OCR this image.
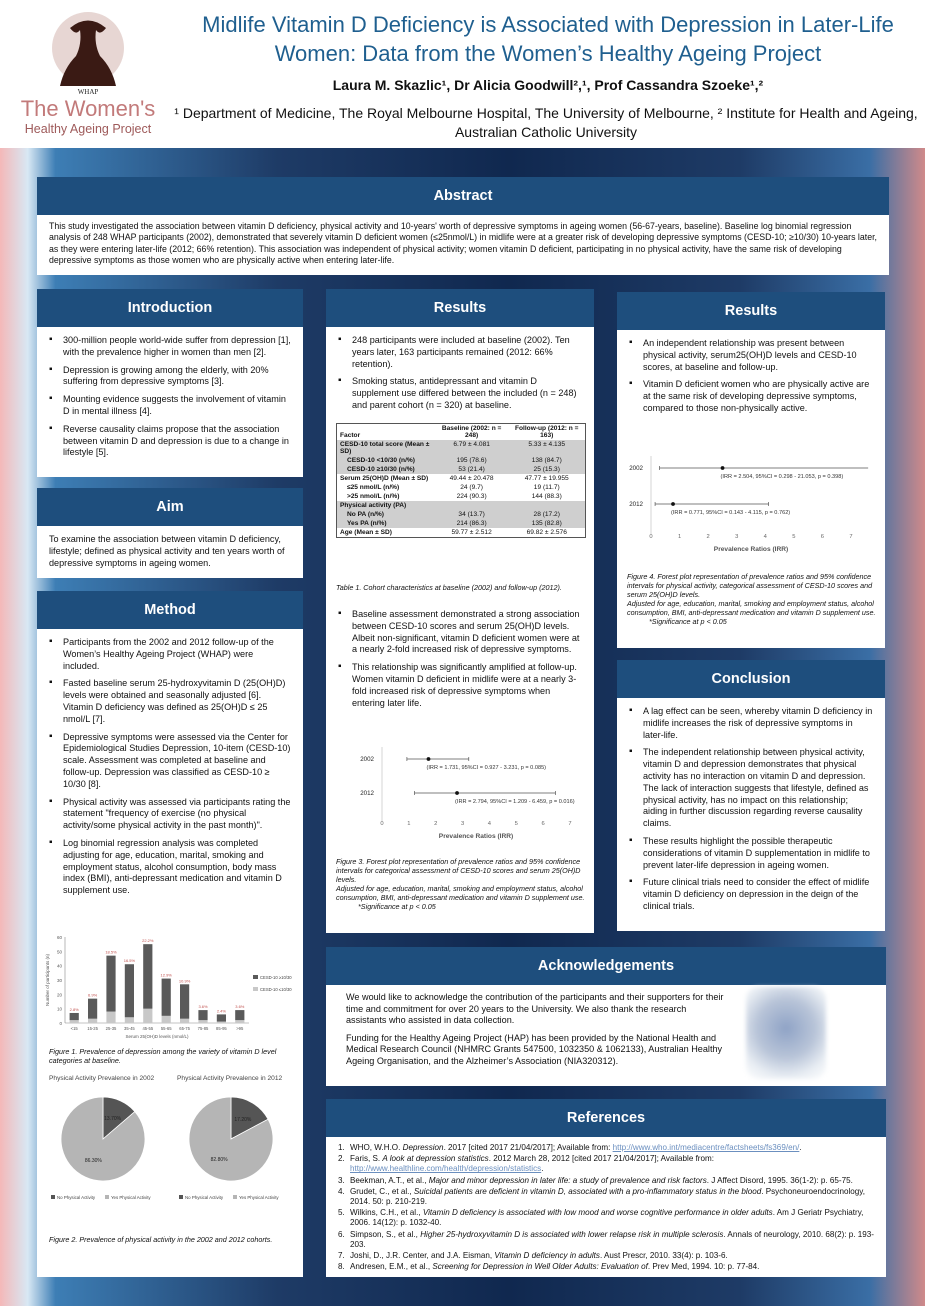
WHAP
The Women's
Healthy Ageing Project
Midlife Vitamin D Deficiency is Associated with Depression in Later-Life Women: Data from the Women’s Healthy Ageing Project
Laura M. Skazlic¹, Dr Alicia Goodwill²,¹, Prof Cassandra Szoeke¹,²
¹ Department of Medicine, The Royal Melbourne Hospital, The University of Melbourne, ² Institute for Health and Ageing, Australian Catholic University
Abstract
This study investigated the association between vitamin D deficiency, physical activity and 10-years' worth of depressive symptoms in ageing women (56-67-years, baseline). Baseline log binomial regression analysis of 248 WHAP participants (2002), demonstrated that severely vitamin D deficient women (≤25nmol/L) in midlife were at a greater risk of developing depressive symptoms (CESD-10; ≥10/30) 10-years later, as they were entering later-life (2012; 66% retention). This association was independent of physical activity; women vitamin D deficient, participating in no physical activity, have the same risk of developing depressive symptoms as those women who are physically active when entering later-life.
Introduction
▪ 300-million people world-wide suffer from depression [1], with the prevalence higher in women than men [2].
▪ Depression is growing among the elderly, with 20% suffering from depressive symptoms [3].
▪ Mounting evidence suggests the involvement of vitamin D in mental illness [4].
▪ Reverse causality claims propose that the association between vitamin D and depression is due to a change in lifestyle [5].
Aim
To examine the association between vitamin D deficiency, lifestyle; defined as physical activity and ten years worth of depressive symptoms in ageing women.
Method
▪ Participants from the 2002 and 2012 follow-up of the Women’s Healthy Ageing Project (WHAP) were included.
▪ Fasted baseline serum 25-hydroxyvitamin D (25(OH)D) levels were obtained and seasonally adjusted [6]. Vitamin D deficiency was defined as 25(OH)D ≤ 25 nmol/L [7].
▪ Depressive symptoms were assessed via the Center for Epidemiological Studies Depression, 10-item (CESD-10) scale. Assessment was completed at baseline and follow-up. Depression was classified as CESD-10 ≥ 10/30 [8].
▪ Physical activity was assessed via participants rating the statement "frequency of exercise (no physical activity/some physical activity in the past month)".
▪ Log binomial regression analysis was completed adjusting for age, education, marital, smoking and employment status, alcohol consumption, body mass index (BMI), anti-depressant medication and vitamin D supplement use.
0
10
20
30
40
50
60
2.8%
<15
6.9%
15-25
18.5%
25-35
16.5%
35-45
22.2%
45-55
12.9%
55-65
10.9%
65-75
3.6%
75-85
2.4%
85-95
3.6%
>95
Serum 25(OH)D levels (nmol/L)
Number of participants (n)	CESD-10 ≥10/30
CESD-10 ≤10/30
Figure 1. Prevalence of depression among the variety of vitamin D level categories at baseline.
Physical Activity Prevalence in 2002	Physical Activity Prevalence in 2012
13.70%
86.30%
No Physical Activity	Yes Physical Activity
17.20%
82.80%
No Physical Activity	Yes Physical Activity
Figure 2. Prevalence of physical activity in the 2002 and 2012 cohorts.
Results
▪ 248 participants were included at baseline (2002). Ten years later, 163 participants remained (2012: 66% retention).
▪ Smoking status, antidepressant and vitamin D supplement use differed between the included (n = 248) and parent cohort (n = 320) at baseline.
Factor	Baseline (2002: n = 248)	Follow-up (2012: n = 163)
CESD-10 total score (Mean ± SD)	6.79 ± 4.081	5.33 ± 4.135
CESD-10 <10/30 (n/%)	195 (78.6)	138 (84.7)
CESD-10 ≥10/30 (n/%)	53 (21.4)	25 (15.3)
Serum 25(OH)D (Mean ± SD)	49.44 ± 20.478	47.77 ± 19.955
≤25 nmol/L (n/%)	24 (9.7)	19 (11.7)
>25 nmol/L (n/%)	224 (90.3)	144 (88.3)
Physical activity (PA)		
No PA (n/%)	34 (13.7)	28 (17.2)
Yes PA (n/%)	214 (86.3)	135 (82.8)
Age (Mean ± SD)	59.77 ± 2.512	69.82 ± 2.576
Table 1. Cohort characteristics at baseline (2002) and follow-up (2012).
▪ Baseline assessment demonstrated a strong association between CESD-10 scores and serum 25(OH)D levels. Albeit non-significant, vitamin D deficient women were at a nearly 2-fold increased risk of depressive symptoms.
▪ This relationship was significantly amplified at follow-up. Women vitamin D deficient in midlife were at a nearly 3-fold increased risk of depressive symptoms when entering later life.
2002
(IRR = 1.731, 95%CI = 0.927 - 3.231, p = 0.085)
2012
(IRR = 2.794, 95%CI = 1.209 - 6.459, p = 0.016)
0	1	2	3	4	5	6	7
Prevalence Ratios (IRR)
Figure 3. Forest plot representation of prevalence ratios and 95% confidence intervals for categorical assessment of CESD-10 scores and serum 25(OH)D levels.
Adjusted for age, education, marital, smoking and employment status, alcohol consumption, BMI, anti-depressant medication and vitamin D supplement use.
*Significance at p < 0.05
Results
▪ An independent relationship was present between physical activity, serum25(OH)D levels and CESD-10 scores, at baseline and follow-up.
▪ Vitamin D deficient women who are physically active are at the same risk of developing depressive symptoms, compared to those non-physically active.
2002
(IRR = 2.504, 95%CI = 0.298 - 21.053, p = 0.398)
2012
(IRR = 0.771, 95%CI = 0.143 - 4.115, p = 0.762)
0	1	2	3	4	5	6	7
Prevalence Ratios (IRR)
Figure 4. Forest plot representation of prevalence ratios and 95% confidence intervals for physical activity, categorical assessment of CESD-10 scores and serum 25(OH)D levels.
Adjusted for age, education, marital, smoking and employment status, alcohol consumption, BMI, anti-depressant medication and vitamin D supplement use.
*Significance at p < 0.05
Conclusion
▪ A lag effect can be seen, whereby vitamin D deficiency in midlife increases the risk of depressive symptoms in later-life.
▪ The independent relationship between physical activity, vitamin D and depression demonstrates that physical activity has no interaction on vitamin D and depression. The lack of interaction suggests that lifestyle, defined as physical activity, has no impact on this relationship; aiding in further discussion regarding reverse causality claims.
▪ These results highlight the possible therapeutic considerations of vitamin D supplementation in midlife to prevent later-life depression in ageing women.
▪ Future clinical trials need to consider the effect of midlife vitamin D deficiency on depression in the deign of the clinical trials.
Acknowledgements

We would like to acknowledge the contribution of the participants and their supporters for their time and commitment for over 20 years to the University. We also thank the research assistants who assisted in data collection.

Funding for the Healthy Ageing Project (HAP) has been provided by the National Health and Medical Research Council (NHMRC Grants 547500, 1032350 & 1062133), Australian Healthy Ageing Organisation, and the Alzheimer’s Association (NIA320312).

References
1. WHO, W.H.O. Depression. 2017 [cited 2017 21/04/2017]; Available from: http://www.who.int/mediacentre/factsheets/fs369/en/.
2. Faris, S. A look at depression statistics. 2012 March 28, 2012 [cited 2017 21/04/2017]; Available from: http://www.healthline.com/health/depression/statistics.
3. Beekman, A.T., et al., Major and minor depression in later life: a study of prevalence and risk factors. J Affect Disord, 1995. 36(1-2): p. 65-75.
4. Grudet, C., et al., Suicidal patients are deficient in vitamin D, associated with a pro-inflammatory status in the blood. Psychoneuroendocrinology, 2014. 50: p. 210-219.
5. Wilkins, C.H., et al., Vitamin D deficiency is associated with low mood and worse cognitive performance in older adults. Am J Geriatr Psychiatry, 2006. 14(12): p. 1032-40.
6. Simpson, S., et al., Higher 25-hydroxyvitamin D is associated with lower relapse risk in multiple sclerosis. Annals of neurology, 2010. 68(2): p. 193-203.
7. Joshi, D., J.R. Center, and J.A. Eisman, Vitamin D deficiency in adults. Aust Prescr, 2010. 33(4): p. 103-6.
8. Andresen, E.M., et al., Screening for Depression in Well Older Adults: Evaluation of. Prev Med, 1994. 10: p. 77-84.
